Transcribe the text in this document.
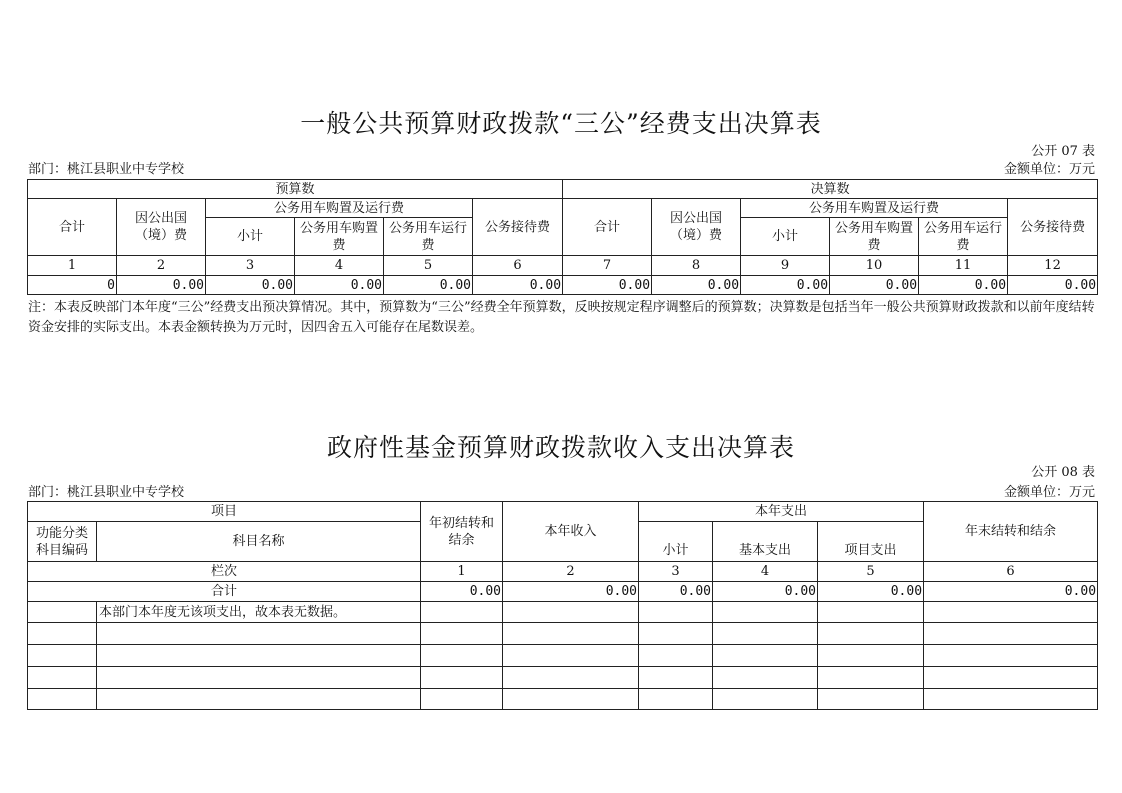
一般公共预算财政拨款“三公”经费支出决算表
公开 07 表
部门：桃江县职业中专学校	金额单位：万元
预算数						决算数					
合计	因公出国（境）费	公务用车购置及运行费			公务接待费	合计	因公出国（境）费	公务用车购置及运行费			公务接待费
		小计	公务用车购置费	公务用车运行费				小计	公务用车购置费	公务用车运行费	
1	2	3	4	5	6	7	8	9	10	11	12
0	0.00	0.00	0.00	0.00	0.00	0.00	0.00	0.00	0.00	0.00	0.00
注：本表反映部门本年度“三公”经费支出预决算情况。其中，预算数为“三公”经费全年预算数，反映按规定程序调整后的预算数；决算数是包括当年一般公共预算财政拨款和以前年度结转资金安排的实际支出。本表金额转换为万元时，因四舍五入可能存在尾数误差。
政府性基金预算财政拨款收入支出决算表
公开 08 表
部门：桃江县职业中专学校	金额单位：万元
项目		年初结转和结余	本年收入	本年支出			年末结转和结余
功能分类科目编码	科目名称			小计	基本支出	项目支出	
栏次		1	2	3	4	5	6
合计		0.00	0.00	0.00	0.00	0.00	0.00
	本部门本年度无该项支出，故本表无数据。						
